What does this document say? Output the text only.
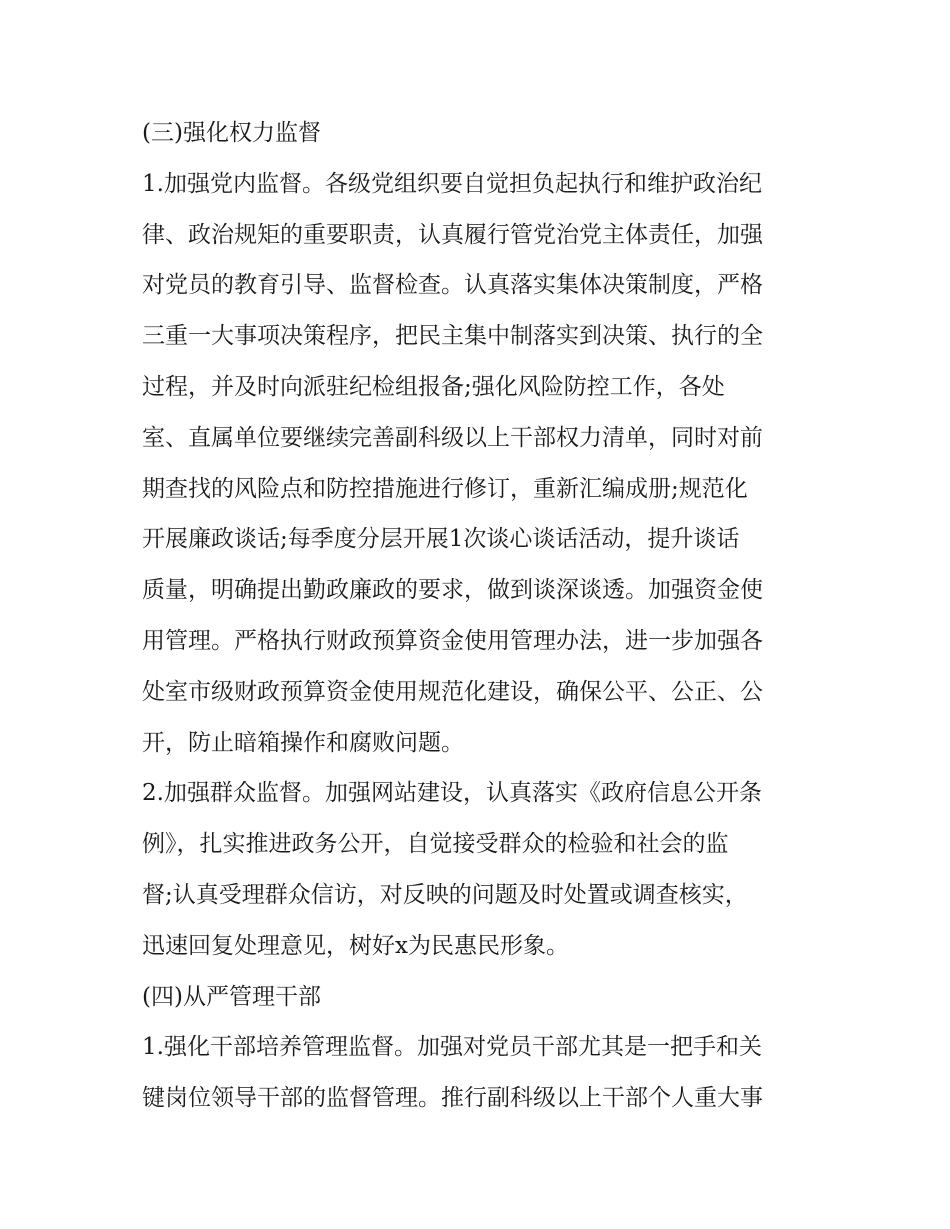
(三)强化权力监督
1.加强党内监督。各级党组织要自觉担负起执行和维护政治纪
律、政治规矩的重要职责，认真履行管党治党主体责任，加强
对党员的教育引导、监督检查。认真落实集体决策制度，严格
三重一大事项决策程序，把民主集中制落实到决策、执行的全
过程，并及时向派驻纪检组报备;强化风险防控工作，各处
室、直属单位要继续完善副科级以上干部权力清单，同时对前
期查找的风险点和防控措施进行修订，重新汇编成册;规范化
开展廉政谈话;每季度分层开展1次谈心谈话活动，提升谈话
质量，明确提出勤政廉政的要求，做到谈深谈透。加强资金使
用管理。严格执行财政预算资金使用管理办法，进一步加强各
处室市级财政预算资金使用规范化建设，确保公平、公正、公
开，防止暗箱操作和腐败问题。
2.加强群众监督。加强网站建设，认真落实《政府信息公开条
例》，扎实推进政务公开，自觉接受群众的检验和社会的监
督;认真受理群众信访，对反映的问题及时处置或调查核实，
迅速回复处理意见，树好x为民惠民形象。
(四)从严管理干部
1.强化干部培养管理监督。加强对党员干部尤其是一把手和关
键岗位领导干部的监督管理。推行副科级以上干部个人重大事
